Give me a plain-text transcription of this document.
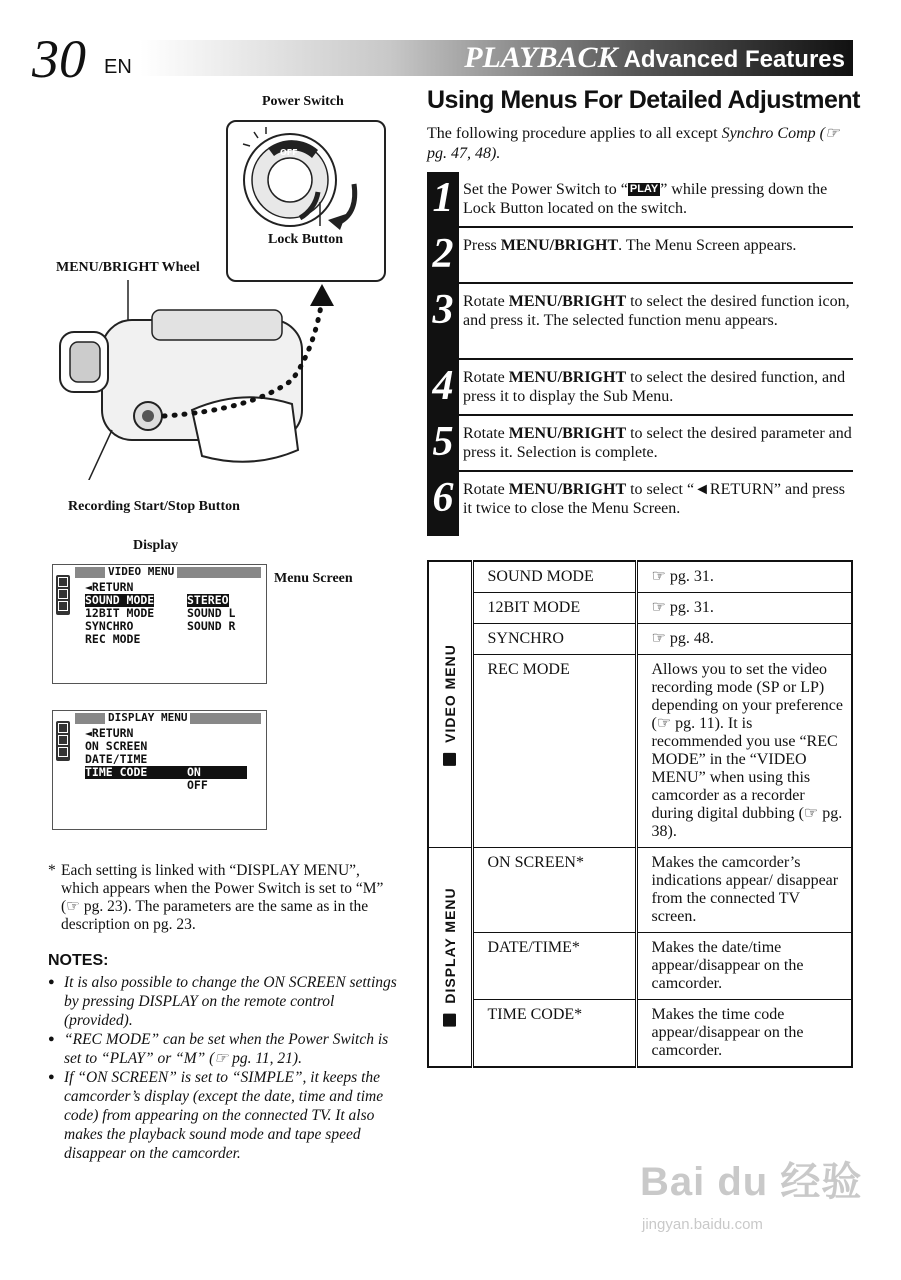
30 EN	PLAYBACK Advanced Features
Power Switch
OFF
Lock Button
MENU/BRIGHT Wheel
Recording Start/Stop Button
Display
Menu Screen
VIDEO MENU
◄RETURN
SOUND MODE	STEREO
12BIT MODE	SOUND L
SYNCHRO	SOUND R
REC MODE
DISPLAY MENU
◄RETURN
ON SCREEN
DATE/TIME
TIME CODE	ON
OFF
* Each setting is linked with “DISPLAY MENU”, which appears when the Power Switch is set to “M” (☞ pg. 23). The parameters are the same as in the description on pg. 23.
NOTES:
● It is also possible to change the ON SCREEN settings by pressing DISPLAY on the remote control (provided).
● “REC MODE” can be set when the Power Switch is set to “PLAY” or “M” (☞ pg. 11, 21).
● If “ON SCREEN” is set to “SIMPLE”, it keeps the camcorder’s display (except the date, time and time code) from appearing on the connected TV. It also makes the playback sound mode and tape speed disappear on the camcorder.
Using Menus For Detailed Adjustment
The following procedure applies to all except Synchro Comp (☞ pg. 47, 48).
1 Set the Power Switch to “ PLAY ” while pressing down the Lock Button located on the switch.
2 Press MENU/BRIGHT. The Menu Screen appears.
3 Rotate MENU/BRIGHT to select the desired function icon, and press it. The selected function menu appears.
4 Rotate MENU/BRIGHT to select the desired function, and press it to display the Sub Menu.
5 Rotate MENU/BRIGHT to select the desired parameter and press it. Selection is complete.
6 Rotate MENU/BRIGHT to select “◄RETURN” and press it twice to close the Menu Screen.
VIDEO MENU	SOUND MODE	☞ pg. 31.
	12BIT MODE	☞ pg. 31.
	SYNCHRO	☞ pg. 48.
	REC MODE	Allows you to set the video recording mode (SP or LP) depending on your preference (☞ pg. 11). It is recommended you use “REC MODE” in the “VIDEO MENU” when using this camcorder as a recorder during digital dubbing (☞ pg. 38).

DISPLAY MENU	ON SCREEN*	Makes the camcorder’s indications appear/ disappear from the connected TV screen.
	DATE/TIME*	Makes the date/time appear/disappear on the camcorder.
	TIME CODE*	Makes the time code appear/disappear on the camcorder.
Bai du 经验
jingyan.baidu.com
